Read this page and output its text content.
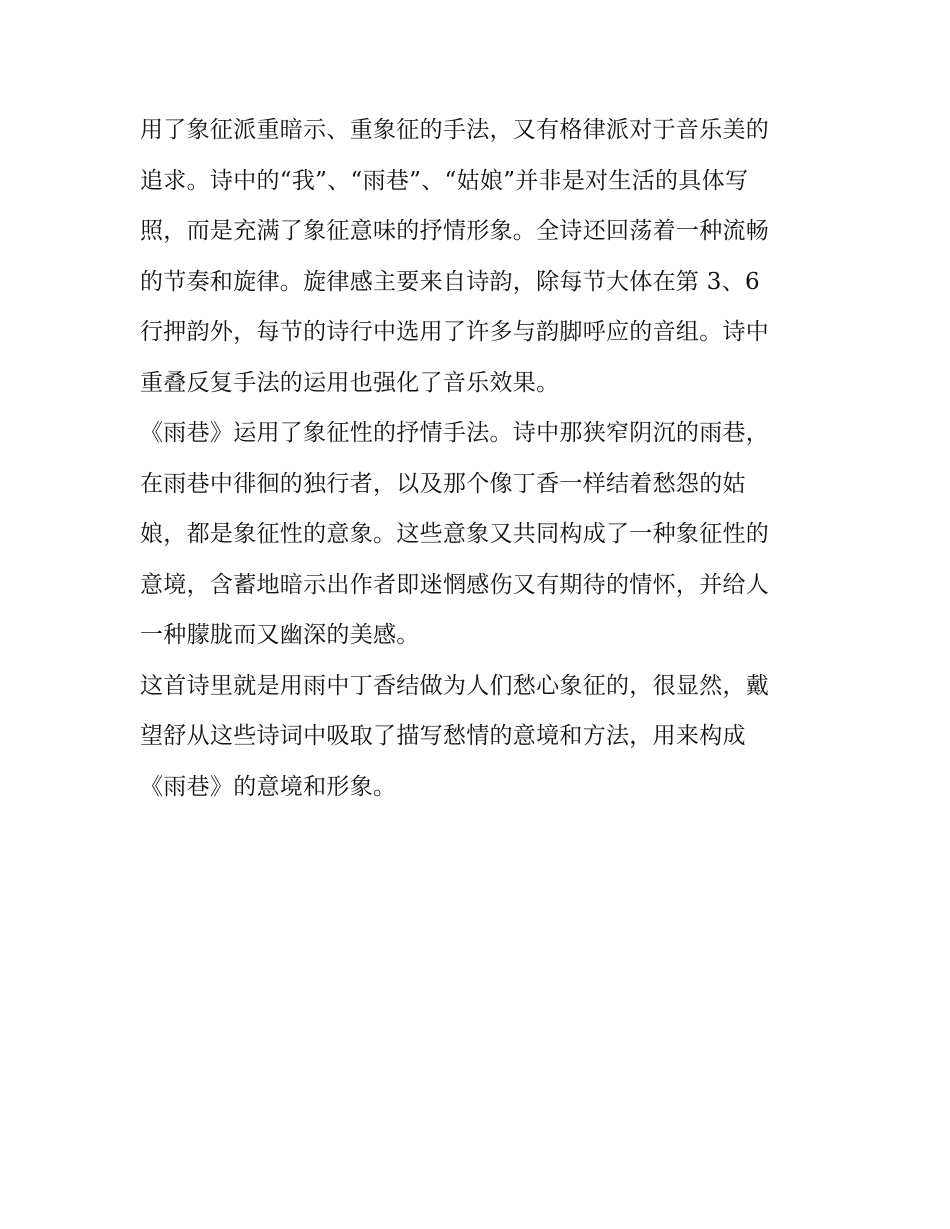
用了象征派重暗示、重象征的手法，又有格律派对于音乐美的
追求。诗中的“我”、“雨巷”、“姑娘”并非是对生活的具体写
照，而是充满了象征意味的抒情形象。全诗还回荡着一种流畅
的节奏和旋律。旋律感主要来自诗韵，除每节大体在第 3、6
行押韵外，每节的诗行中选用了许多与韵脚呼应的音组。诗中
重叠反复手法的运用也强化了音乐效果。
《雨巷》运用了象征性的抒情手法。诗中那狭窄阴沉的雨巷，
在雨巷中徘徊的独行者，以及那个像丁香一样结着愁怨的姑
娘，都是象征性的意象。这些意象又共同构成了一种象征性的
意境，含蓄地暗示出作者即迷惘感伤又有期待的情怀，并给人
一种朦胧而又幽深的美感。
这首诗里就是用雨中丁香结做为人们愁心象征的，很显然，戴
望舒从这些诗词中吸取了描写愁情的意境和方法，用来构成
《雨巷》的意境和形象。
